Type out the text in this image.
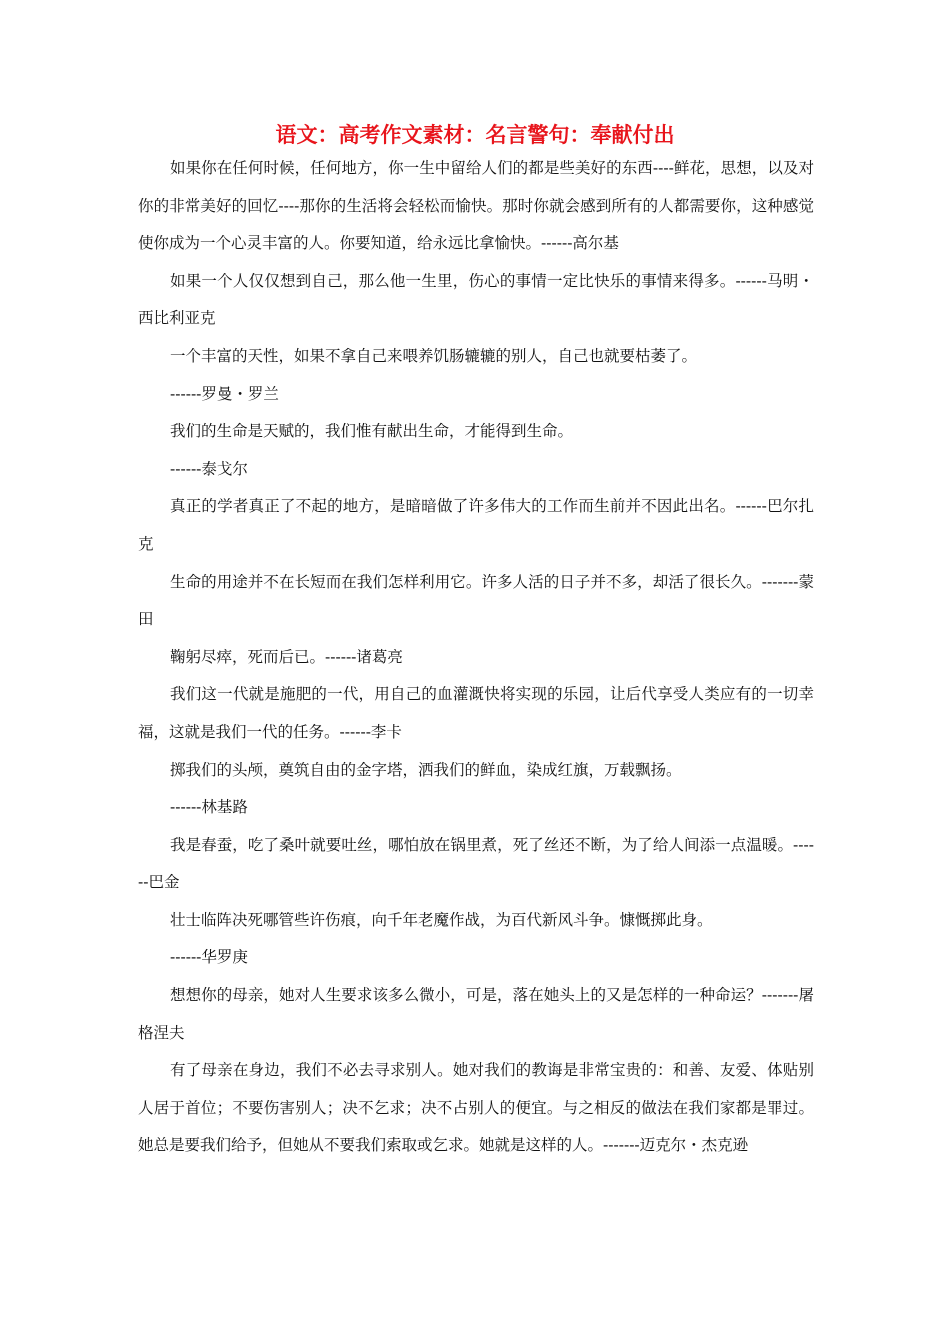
语文：高考作文素材：名言警句：奉献付出

如果你在任何时候，任何地方，你一生中留给人们的都是些美好的东西----鲜花，思想，以及对你的非常美好的回忆----那你的生活将会轻松而愉快。那时你就会感到所有的人都需要你，这种感觉使你成为一个心灵丰富的人。你要知道，给永远比拿愉快。------高尔基

如果一个人仅仅想到自己，那么他一生里，伤心的事情一定比快乐的事情来得多。------马明・西比利亚克

一个丰富的天性，如果不拿自己来喂养饥肠辘辘的别人，自己也就要枯萎了。

------罗曼・罗兰

我们的生命是天赋的，我们惟有献出生命，才能得到生命。

------泰戈尔

真正的学者真正了不起的地方，是暗暗做了许多伟大的工作而生前并不因此出名。------巴尔扎克

生命的用途并不在长短而在我们怎样利用它。许多人活的日子并不多，却活了很长久。-------蒙田

鞠躬尽瘁，死而后已。------诸葛亮

我们这一代就是施肥的一代，用自己的血灌溉快将实现的乐园，让后代享受人类应有的一切幸福，这就是我们一代的任务。------李卡

掷我们的头颅，奠筑自由的金字塔，洒我们的鲜血，染成红旗，万载飘扬。

------林基路

我是春蚕，吃了桑叶就要吐丝，哪怕放在锅里煮，死了丝还不断，为了给人间添一点温暖。------巴金

壮士临阵决死哪管些许伤痕，向千年老魔作战，为百代新风斗争。慷慨掷此身。

------华罗庚

想想你的母亲，她对人生要求该多么微小，可是，落在她头上的又是怎样的一种命运？-------屠格涅夫

有了母亲在身边，我们不必去寻求别人。她对我们的教诲是非常宝贵的：和善、友爱、体贴别人居于首位；不要伤害别人；决不乞求；决不占别人的便宜。与之相反的做法在我们家都是罪过。她总是要我们给予，但她从不要我们索取或乞求。她就是这样的人。-------迈克尔・杰克逊
